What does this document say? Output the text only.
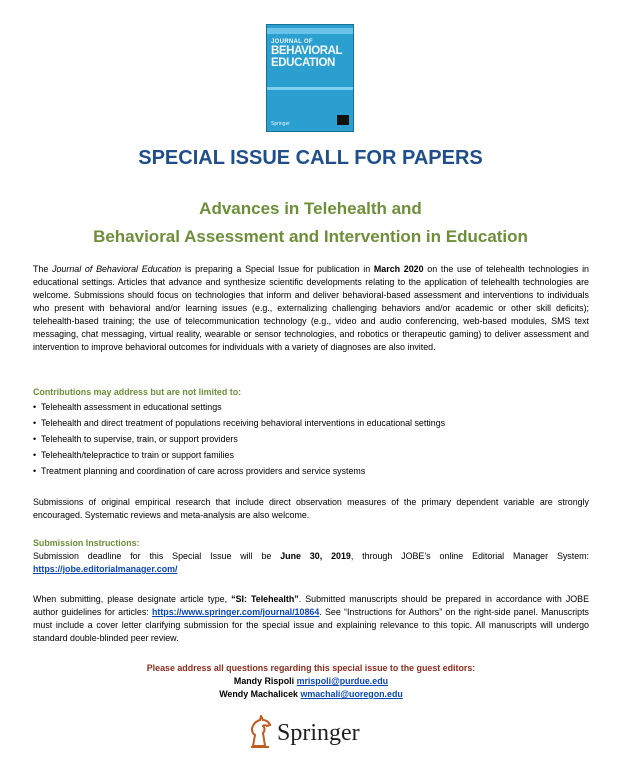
JOURNAL OF
BEHAVIORAL
EDUCATION
Springer
SPECIAL ISSUE CALL FOR PAPERS
Advances in Telehealth and
Behavioral Assessment and Intervention in Education
The Journal of Behavioral Education is preparing a Special Issue for publication in March 2020 on the use of telehealth technologies in educational settings. Articles that advance and synthesize scientific developments relating to the application of telehealth technologies are welcome. Submissions should focus on technologies that inform and deliver behavioral-based assessment and interventions to individuals who present with behavioral and/or learning issues (e.g., externalizing challenging behaviors and/or academic or other skill deficits); telehealth-based training; the use of telecommunication technology (e.g., video and audio conferencing, web-based modules, SMS text messaging, chat messaging, virtual reality, wearable or sensor technologies, and robotics or therapeutic gaming) to deliver assessment and intervention to improve behavioral outcomes for individuals with a variety of diagnoses are also invited.
Contributions may address but are not limited to:
• Telehealth assessment in educational settings
• Telehealth and direct treatment of populations receiving behavioral interventions in educational settings
• Telehealth to supervise, train, or support providers
• Telehealth/telepractice to train or support families
• Treatment planning and coordination of care across providers and service systems
Submissions of original empirical research that include direct observation measures of the primary dependent variable are strongly encouraged. Systematic reviews and meta-analysis are also welcome.
Submission Instructions:
Submission deadline for this Special Issue will be June 30, 2019, through JOBE’s online Editorial Manager System: https://jobe.editorialmanager.com/
When submitting, please designate article type, “SI: Telehealth”. Submitted manuscripts should be prepared in accordance with JOBE author guidelines for articles: https://www.springer.com/journal/10864. See “Instructions for Authors” on the right-side panel. Manuscripts must include a cover letter clarifying submission for the special issue and explaining relevance to this topic. All manuscripts will undergo standard double-blinded peer review.
Please address all questions regarding this special issue to the guest editors:
Mandy Rispoli mrispoli@purdue.edu
Wendy Machalicek wmachali@uoregon.edu
Springer
